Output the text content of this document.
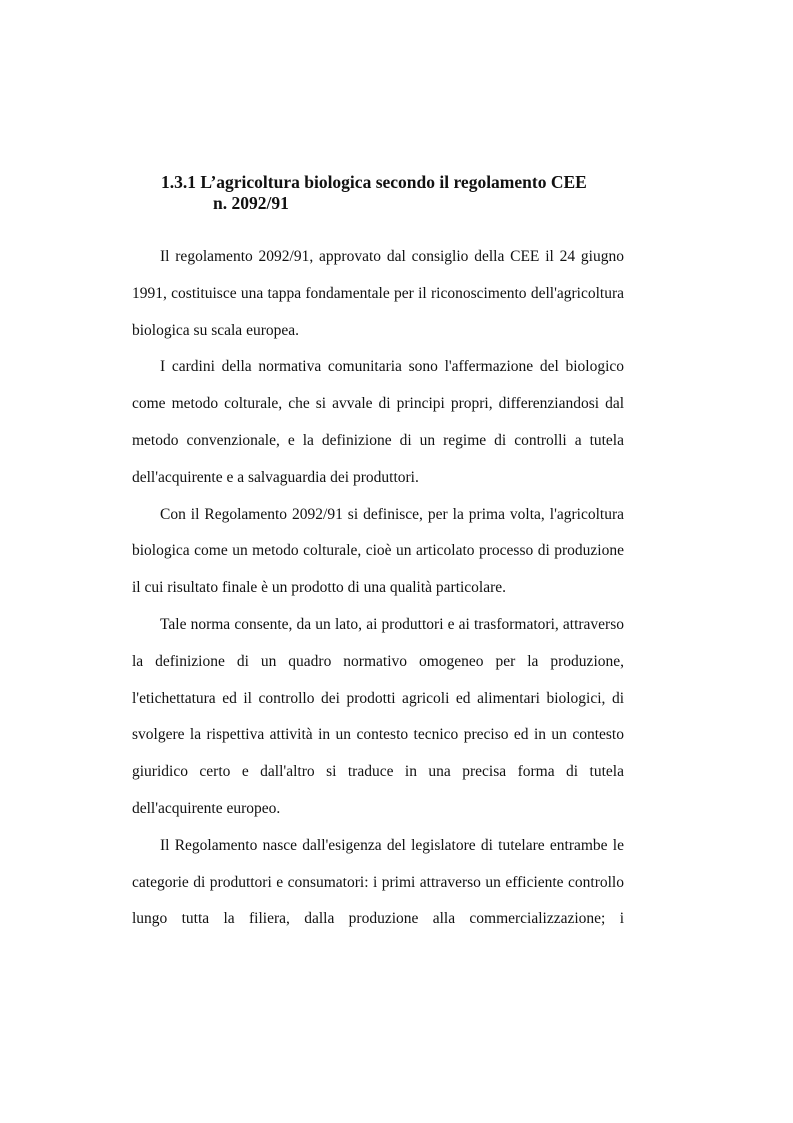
1.3.1 L’agricoltura biologica secondo il regolamento CEE
n. 2092/91

Il regolamento 2092/91, approvato dal consiglio della CEE il 24 giugno 1991, costituisce una tappa fondamentale per il riconoscimento dell'agricoltura biologica su scala europea.

I cardini della normativa comunitaria sono l'affermazione del biologico come metodo colturale, che si avvale di principi propri, differenziandosi dal metodo convenzionale, e la definizione di un regime di controlli a tutela dell'acquirente e a salvaguardia dei produttori.

Con il Regolamento 2092/91 si definisce, per la prima volta, l'agricoltura biologica come un metodo colturale, cioè un articolato processo di produzione il cui risultato finale è un prodotto di una qualità particolare.

Tale norma consente, da un lato, ai produttori e ai trasformatori, attraverso la definizione di un quadro normativo omogeneo per la produzione, l'etichettatura ed il controllo dei prodotti agricoli ed alimentari biologici, di svolgere la rispettiva attività in un contesto tecnico preciso ed in un contesto giuridico certo e dall'altro si traduce in una precisa forma di tutela dell'acquirente europeo.

Il Regolamento nasce dall'esigenza del legislatore di tutelare entrambe le categorie di produttori e consumatori: i primi attraverso un efficiente controllo lungo tutta la filiera, dalla produzione alla commercializzazione; i
